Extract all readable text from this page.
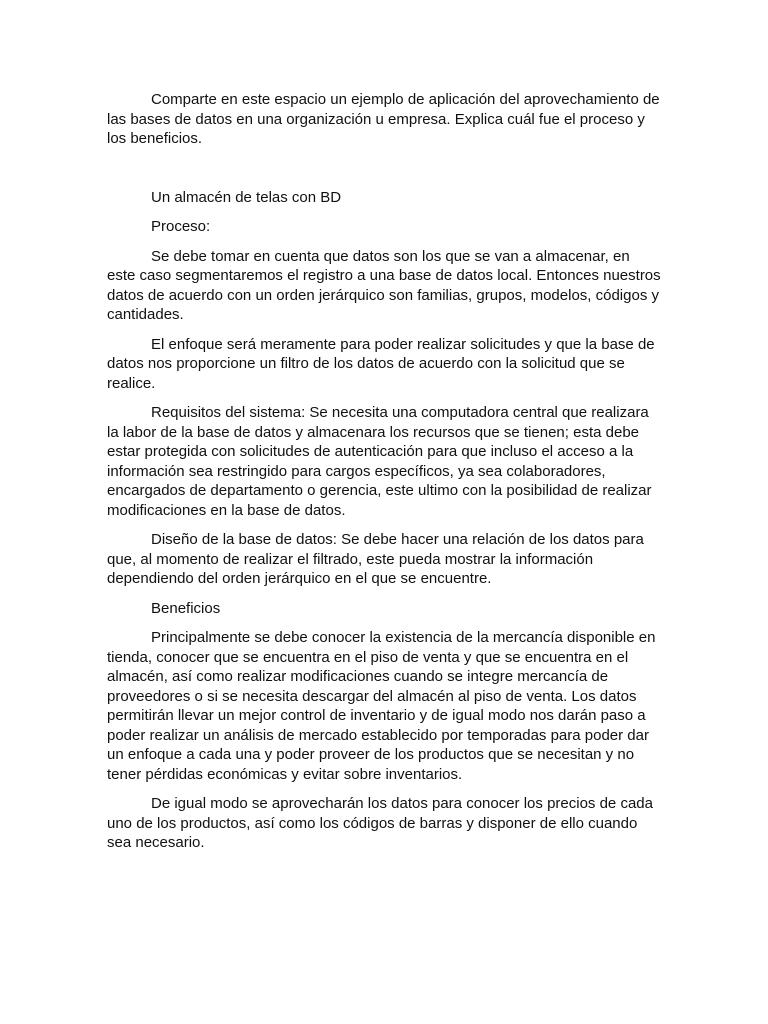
Comparte en este espacio un ejemplo de aplicación del aprovechamiento de las bases de datos en una organización u empresa. Explica cuál fue el proceso y los beneficios.

Un almacén de telas con BD

Proceso:

Se debe tomar en cuenta que datos son los que se van a almacenar, en este caso segmentaremos el registro a una base de datos local. Entonces nuestros datos de acuerdo con un orden jerárquico son familias, grupos, modelos, códigos y cantidades.

El enfoque será meramente para poder realizar solicitudes y que la base de datos nos proporcione un filtro de los datos de acuerdo con la solicitud que se realice.

Requisitos del sistema: Se necesita una computadora central que realizara la labor de la base de datos y almacenara los recursos que se tienen; esta debe estar protegida con solicitudes de autenticación para que incluso el acceso a la información sea restringido para cargos específicos, ya sea colaboradores, encargados de departamento o gerencia, este ultimo con la posibilidad de realizar modificaciones en la base de datos.

Diseño de la base de datos: Se debe hacer una relación de los datos para que, al momento de realizar el filtrado, este pueda mostrar la información dependiendo del orden jerárquico en el que se encuentre.

Beneficios

Principalmente se debe conocer la existencia de la mercancía disponible en tienda, conocer que se encuentra en el piso de venta y que se encuentra en el almacén, así como realizar modificaciones cuando se integre mercancía de proveedores o si se necesita descargar del almacén al piso de venta. Los datos permitirán llevar un mejor control de inventario y de igual modo nos darán paso a poder realizar un análisis de mercado establecido por temporadas para poder dar un enfoque a cada una y poder proveer de los productos que se necesitan y no tener pérdidas económicas y evitar sobre inventarios.

De igual modo se aprovecharán los datos para conocer los precios de cada uno de los productos, así como los códigos de barras y disponer de ello cuando sea necesario.
